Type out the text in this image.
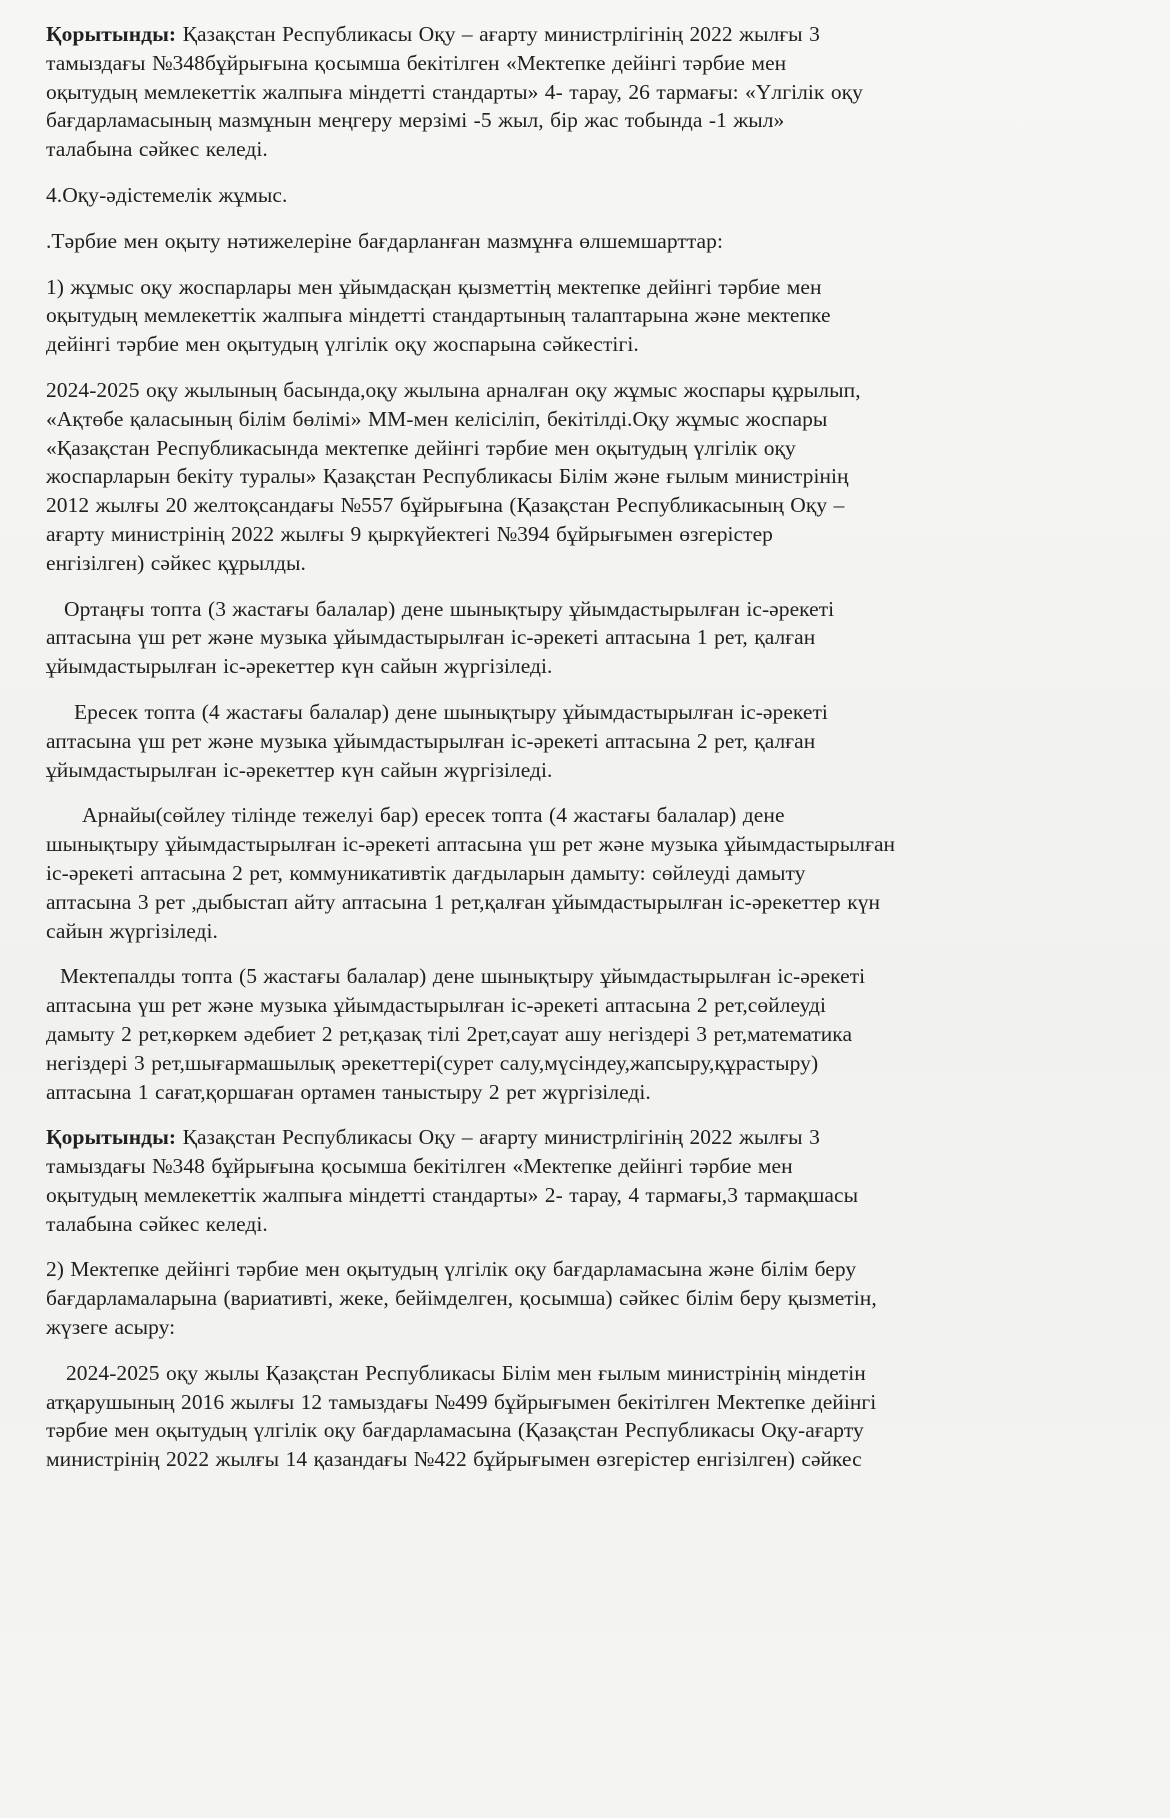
Қорытынды: Қазақстан Республикасы Оқу – ағарту министрлігінің 2022 жылғы 3
тамыздағы №348бұйрығына қосымша бекітілген «Мектепке дейінгі тәрбие мен
оқытудың мемлекеттік жалпыға міндетті стандарты» 4- тарау, 26 тармағы: «Үлгілік оқу
бағдарламасының мазмұнын меңгеру мерзімі -5 жыл, бір жас тобында -1 жыл»
талабына сәйкес келеді.

4.Оқу-әдістемелік жұмыс.

.Тәрбие мен оқыту нәтижелеріне бағдарланған мазмұнға өлшемшарттар:

1) жұмыс оқу жоспарлары мен ұйымдасқан қызметтің мектепке дейінгі тәрбие мен
оқытудың мемлекеттік жалпыға міндетті стандартының талаптарына және мектепке
дейінгі тәрбие мен оқытудың үлгілік оқу жоспарына сәйкестігі.

2024-2025 оқу жылының басында,оқу жылына арналған оқу жұмыс жоспары құрылып,
«Ақтөбе қаласының білім бөлімі» ММ-мен келісіліп, бекітілді.Оқу жұмыс жоспары
«Қазақстан Республикасында мектепке дейінгі тәрбие мен оқытудың үлгілік оқу
жоспарларын бекіту туралы» Қазақстан Республикасы Білім және ғылым министрінің
2012 жылғы 20 желтоқсандағы №557 бұйрығына (Қазақстан Республикасының Оқу –
ағарту министрінің 2022 жылғы 9 қыркүйектегі №394 бұйрығымен өзгерістер
енгізілген) сәйкес құрылды.

Ортаңғы топта (3 жастағы балалар) дене шынықтыру ұйымдастырылған іс-әрекеті
аптасына үш рет және музыка ұйымдастырылған іс-әрекеті аптасына 1 рет, қалған
ұйымдастырылған іс-әрекеттер күн сайын жүргізіледі.

Ересек топта (4 жастағы балалар) дене шынықтыру ұйымдастырылған іс-әрекеті
аптасына үш рет және музыка ұйымдастырылған іс-әрекеті аптасына 2 рет, қалған
ұйымдастырылған іс-әрекеттер күн сайын жүргізіледі.

Арнайы(сөйлеу тілінде тежелуі бар) ересек топта (4 жастағы балалар) дене
шынықтыру ұйымдастырылған іс-әрекеті аптасына үш рет және музыка ұйымдастырылған
іс-әрекеті аптасына 2 рет, коммуникативтік дағдыларын дамыту: сөйлеуді дамыту
аптасына 3 рет ,дыбыстап айту аптасына 1 рет,қалған ұйымдастырылған іс-әрекеттер күн
сайын жүргізіледі.

Мектепалды топта (5 жастағы балалар) дене шынықтыру ұйымдастырылған іс-әрекеті
аптасына үш рет және музыка ұйымдастырылған іс-әрекеті аптасына 2 рет,сөйлеуді
дамыту 2 рет,көркем әдебиет 2 рет,қазақ тілі 2рет,сауат ашу негіздері 3 рет,математика
негіздері 3 рет,шығармашылық әрекеттері(сурет салу,мүсіндеу,жапсыру,құрастыру)
аптасына 1 сағат,қоршаған ортамен таныстыру 2 рет жүргізіледі.

Қорытынды: Қазақстан Республикасы Оқу – ағарту министрлігінің 2022 жылғы 3
тамыздағы №348 бұйрығына қосымша бекітілген «Мектепке дейінгі тәрбие мен
оқытудың мемлекеттік жалпыға міндетті стандарты» 2- тарау, 4 тармағы,3 тармақшасы
талабына сәйкес келеді.

2) Мектепке дейінгі тәрбие мен оқытудың үлгілік оқу бағдарламасына және білім беру
бағдарламаларына (вариативті, жеке, бейімделген, қосымша) сәйкес білім беру қызметін,
жүзеге асыру:

2024-2025 оқу жылы Қазақстан Республикасы Білім мен ғылым министрінің міндетін
атқарушының 2016 жылғы 12 тамыздағы №499 бұйрығымен бекітілген Мектепке дейінгі
тәрбие мен оқытудың үлгілік оқу бағдарламасына (Қазақстан Республикасы Оқу-ағарту
министрінің 2022 жылғы 14 қазандағы №422 бұйрығымен өзгерістер енгізілген) сәйкес
